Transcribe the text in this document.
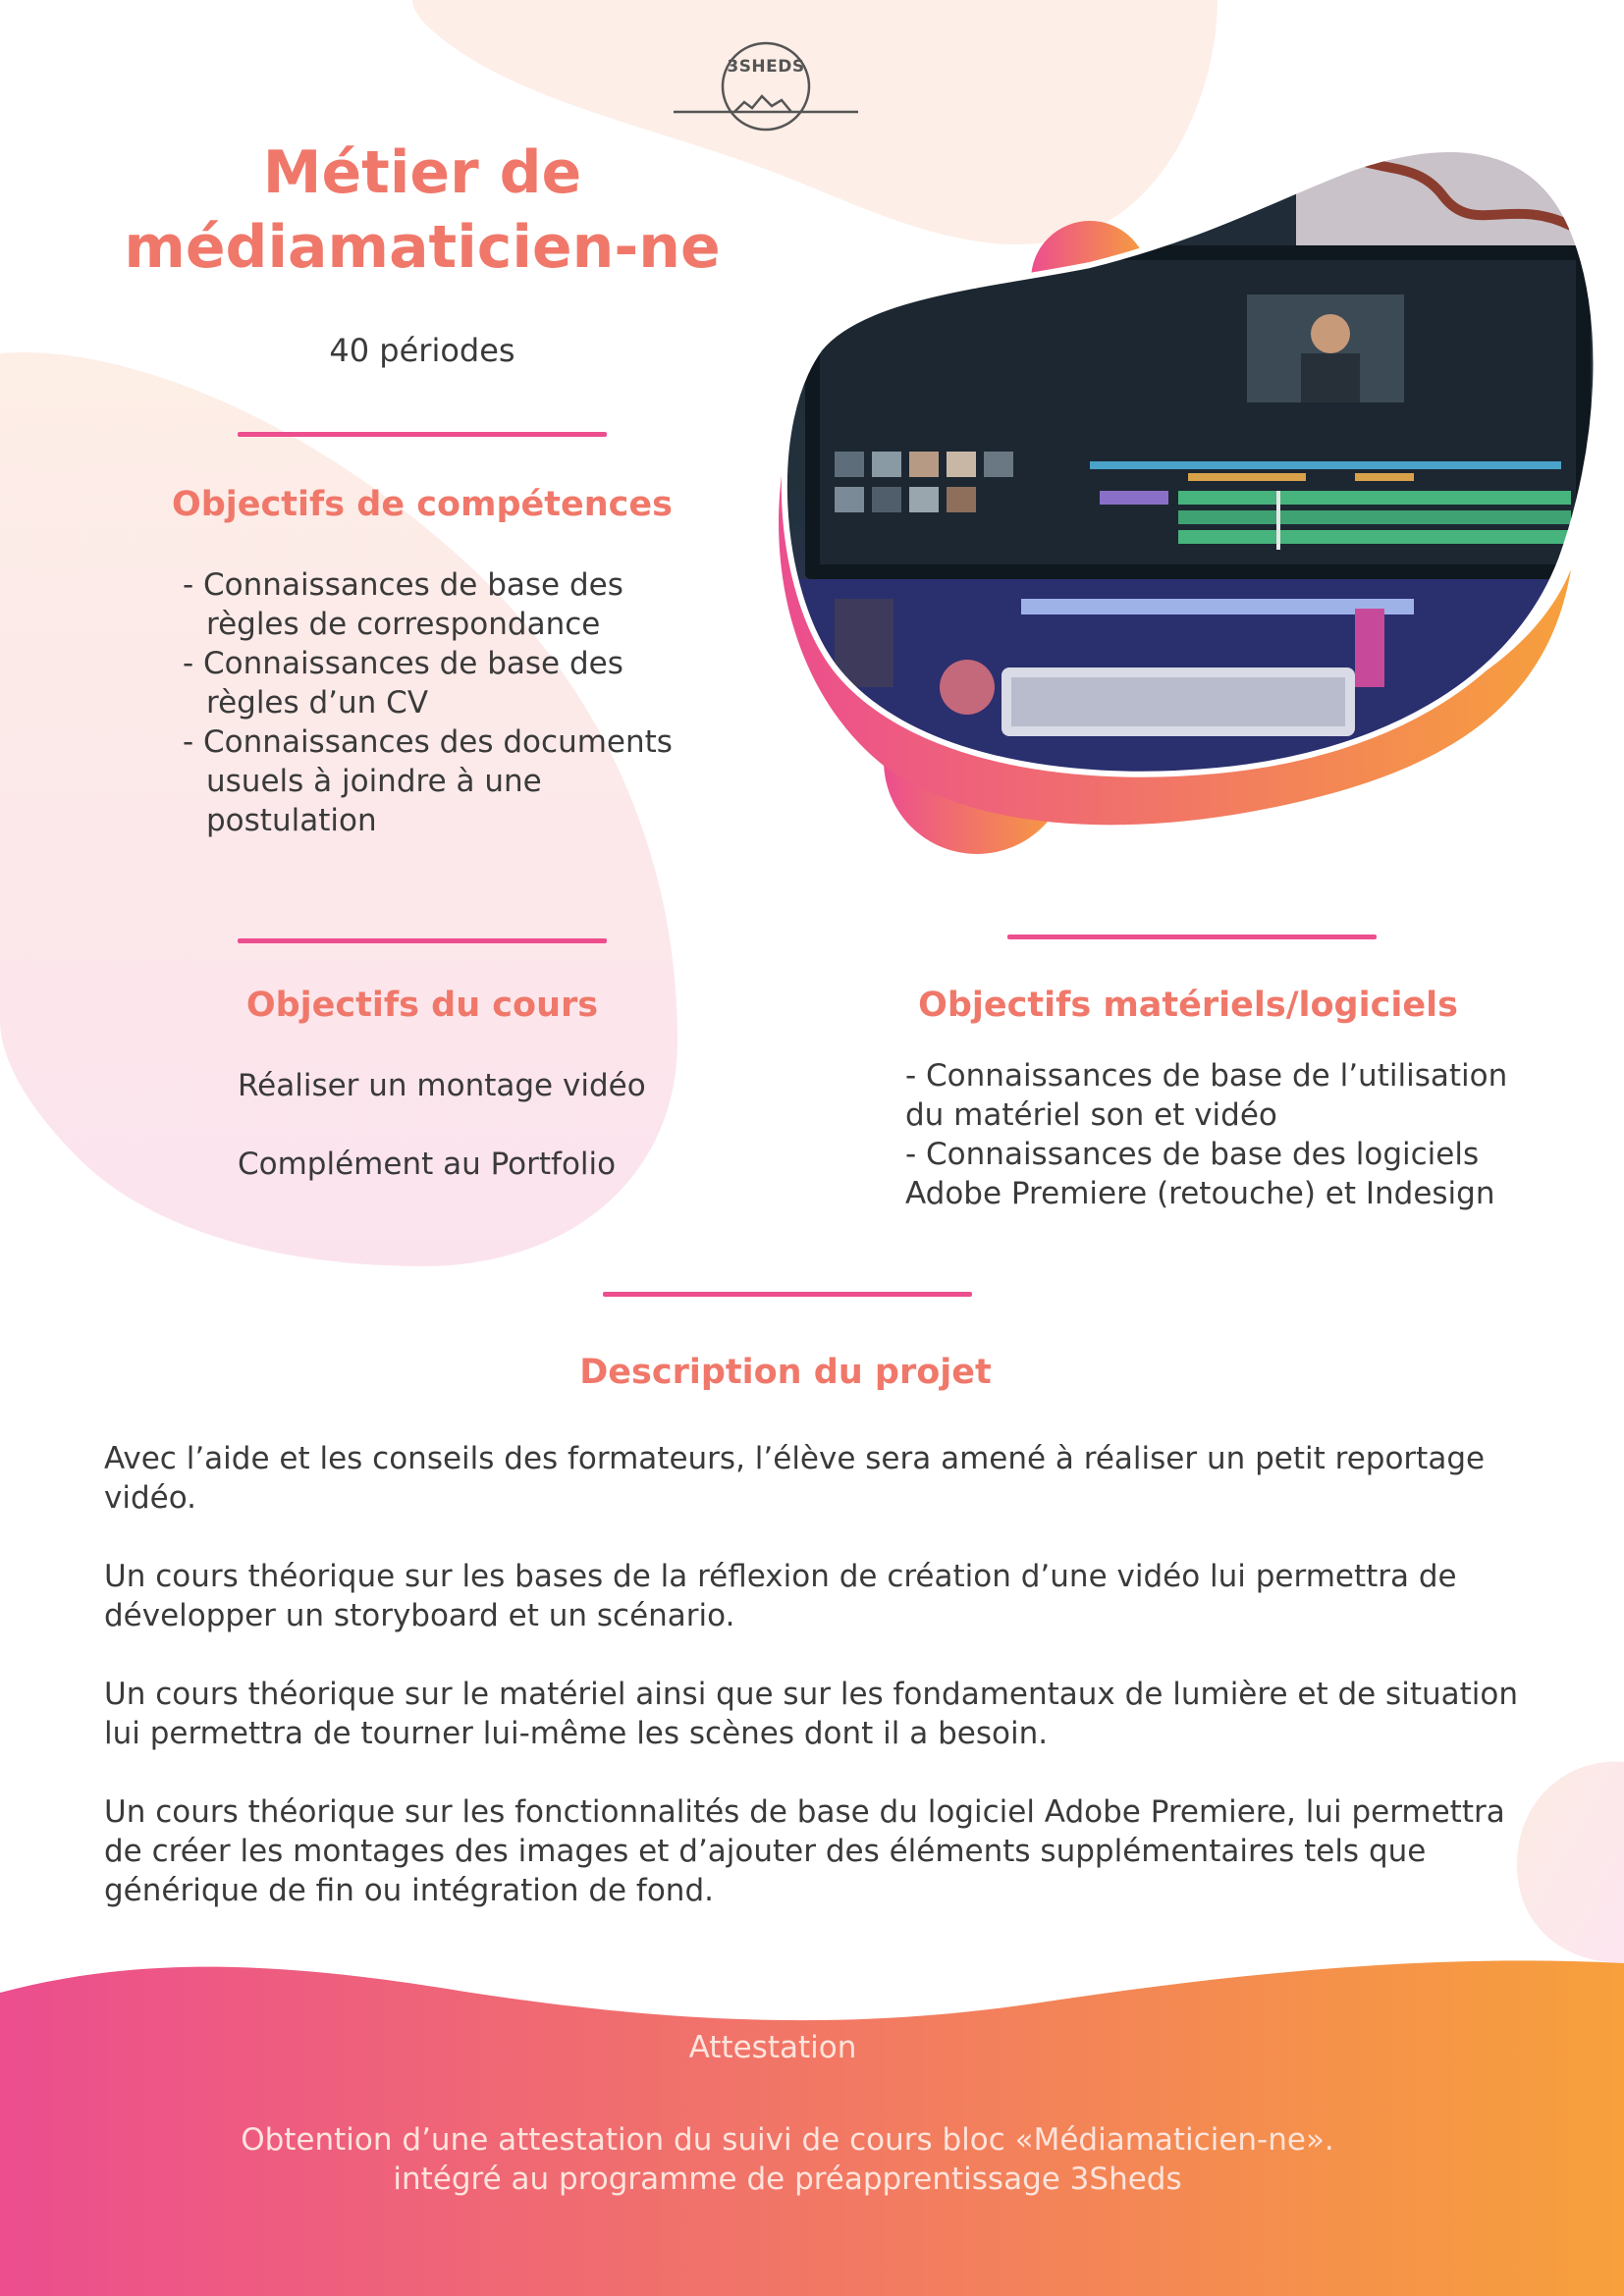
3SHEDS
Métier de
médiamaticien-ne
40 périodes
Objectifs de compétences
- Connaissances de base des règles de correspondance
- Connaissances de base des règles d’un CV
- Connaissances des documents usuels à joindre à une postulation
Objectifs du cours

Réaliser un montage vidéo

Complément au Portfolio

Objectifs matériels/logiciels

- Connaissances de base de l’utilisation du matériel son et vidéo

- Connaissances de base des logiciels Adobe Premiere (retouche) et Indesign

Description du projet

Avec l’aide et les conseils des formateurs, l’élève sera amené à réaliser un petit reportage vidéo.

Un cours théorique sur les bases de la réflexion de création d’une vidéo lui permettra de développer un storyboard et un scénario.

Un cours théorique sur le matériel ainsi que sur les fondamentaux de lumière et de situation lui permettra de tourner lui-même les scènes dont il a besoin.

Un cours théorique sur les fonctionnalités de base du logiciel Adobe Premiere, lui permettra de créer les montages des images et d’ajouter des éléments supplémentaires tels que générique de fin ou intégration de fond.

Attestation
Obtention d’une attestation du suivi de cours bloc «Médiamaticien-ne».
intégré au programme de préapprentissage 3Sheds
